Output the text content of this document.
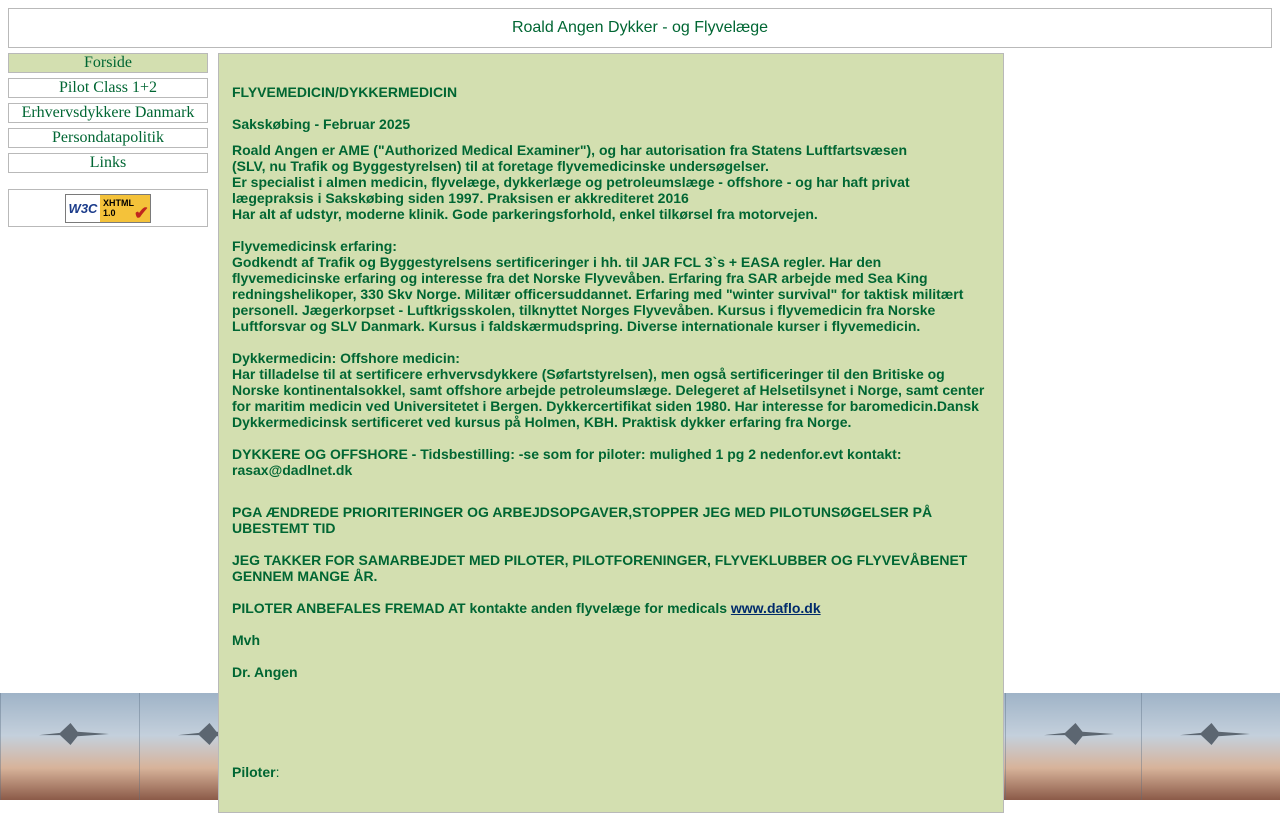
Roald Angen Dykker - og Flyvelæge
Forside
Pilot Class 1+2
Erhvervsdykkere Danmark
Persondatapolitik
Links
W3C XHTML
1.0	✔

FLYVEMEDICIN/DYKKERMEDICIN

Sakskøbing - Februar 2025

Roald Angen er AME ("Authorized Medical Examiner"), og har autorisation fra Statens Luftfartsvæsen

(SLV, nu Trafik og Byggestyrelsen) til at foretage flyvemedicinske undersøgelser.

Er specialist i almen medicin, flyvelæge, dykkerlæge og petroleumslæge - offshore - og har haft privat

lægepraksis i Sakskøbing siden 1997. Praksisen er akkrediteret 2016

Har alt af udstyr, moderne klinik. Gode parkeringsforhold, enkel tilkørsel fra motorvejen.

Flyvemedicinsk erfaring:

Godkendt af Trafik og Byggestyrelsens sertificeringer i hh. til JAR FCL 3`s + EASA regler. Har den

flyvemedicinske erfaring og interesse fra det Norske Flyvevåben. Erfaring fra SAR arbejde med Sea King

redningshelikoper, 330 Skv Norge. Militær officersuddannet. Erfaring med "winter survival" for taktisk militært

personell. Jægerkorpset - Luftkrigsskolen, tilknyttet Norges Flyvevåben. Kursus i flyvemedicin fra Norske

Luftforsvar og SLV Danmark. Kursus i faldskærmudspring. Diverse internationale kurser i flyvemedicin.

Dykkermedicin: Offshore medicin:

Har tilladelse til at sertificere erhvervsdykkere (Søfartstyrelsen), men også sertificeringer til den Britiske og

Norske kontinentalsokkel, samt offshore arbejde petroleumslæge. Delegeret af Helsetilsynet i Norge, samt center

for maritim medicin ved Universitetet i Bergen. Dykkercertifikat siden 1980. Har interesse for baromedicin.Dansk

Dykkermedicinsk sertificeret ved kursus på Holmen, KBH. Praktisk dykker erfaring fra Norge.

DYKKERE OG OFFSHORE - Tidsbestilling: -se som for piloter: mulighed 1 pg 2 nedenfor.evt kontakt:

rasax@dadlnet.dk

PGA ÆNDREDE PRIORITERINGER OG ARBEJDSOPGAVER,STOPPER JEG MED PILOTUNSØGELSER PÅ

UBESTEMT TID

JEG TAKKER FOR SAMARBEJDET MED PILOTER, PILOTFORENINGER, FLYVEKLUBBER OG FLYVEVÅBENET

GENNEM MANGE ÅR.

PILOTER ANBEFALES FREMAD AT kontakte anden flyvelæge for medicals www.daflo.dk

Mvh

Dr. Angen

Piloter:
